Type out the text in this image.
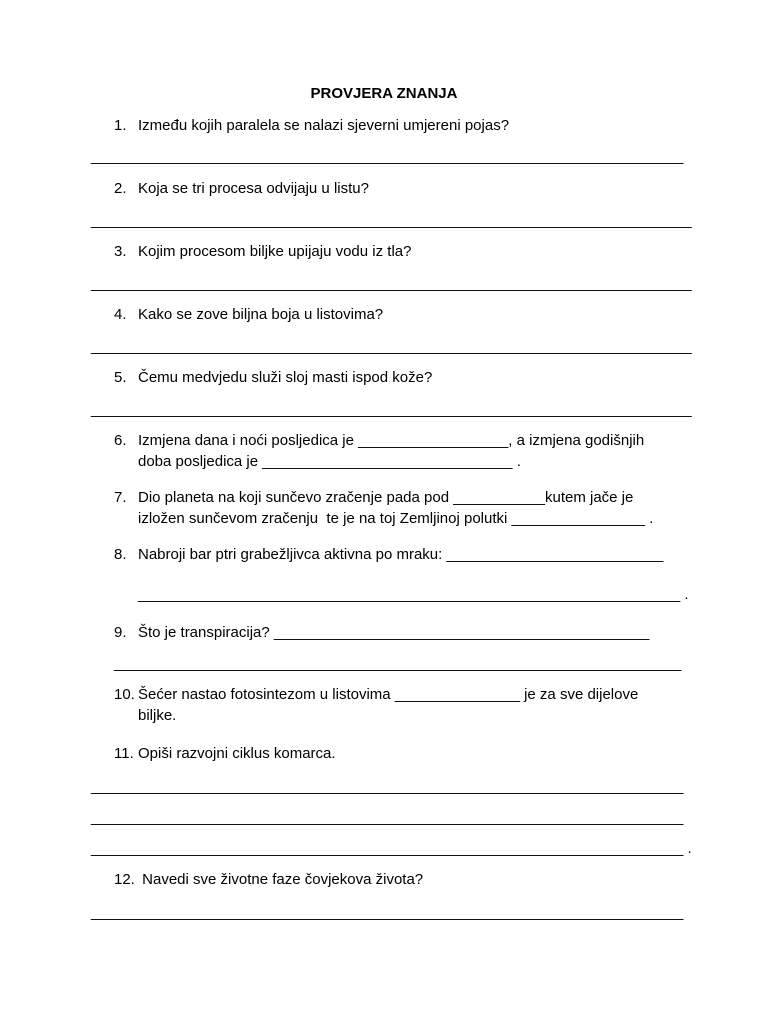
PROVJERA ZNANJA
1. Između kojih paralela se nalazi sjeverni umjereni pojas?
_______________________________________________________________________
2. Koja se tri procesa odvijaju u listu?
________________________________________________________________________
3. Kojim procesom biljke upijaju vodu iz tla?
________________________________________________________________________
4. Kako se zove biljna boja u listovima?
________________________________________________________________________
5. Čemu medvjedu služi sloj masti ispod kože?
________________________________________________________________________
6. Izmjena dana i noći posljedica je __________________, a izmjena godišnjih
doba posljedica je ______________________________ .
7. Dio planeta na koji sunčevo zračenje pada pod ___________kutem jače je
izložen sunčevom zračenju  te je na toj Zemljinoj polutki ________________ .
8. Nabroji bar ptri grabežljivca aktivna po mraku: __________________________
_________________________________________________________________ .
9. Što je transpiracija? _____________________________________________
____________________________________________________________________
10. Šećer nastao fotosintezom u listovima _______________ je za sve dijelove
biljke.
11. Opiši razvojni ciklus komarca.
_______________________________________________________________________
_______________________________________________________________________
_______________________________________________________________________ .
12. Navedi sve životne faze čovjekova života?
_______________________________________________________________________
